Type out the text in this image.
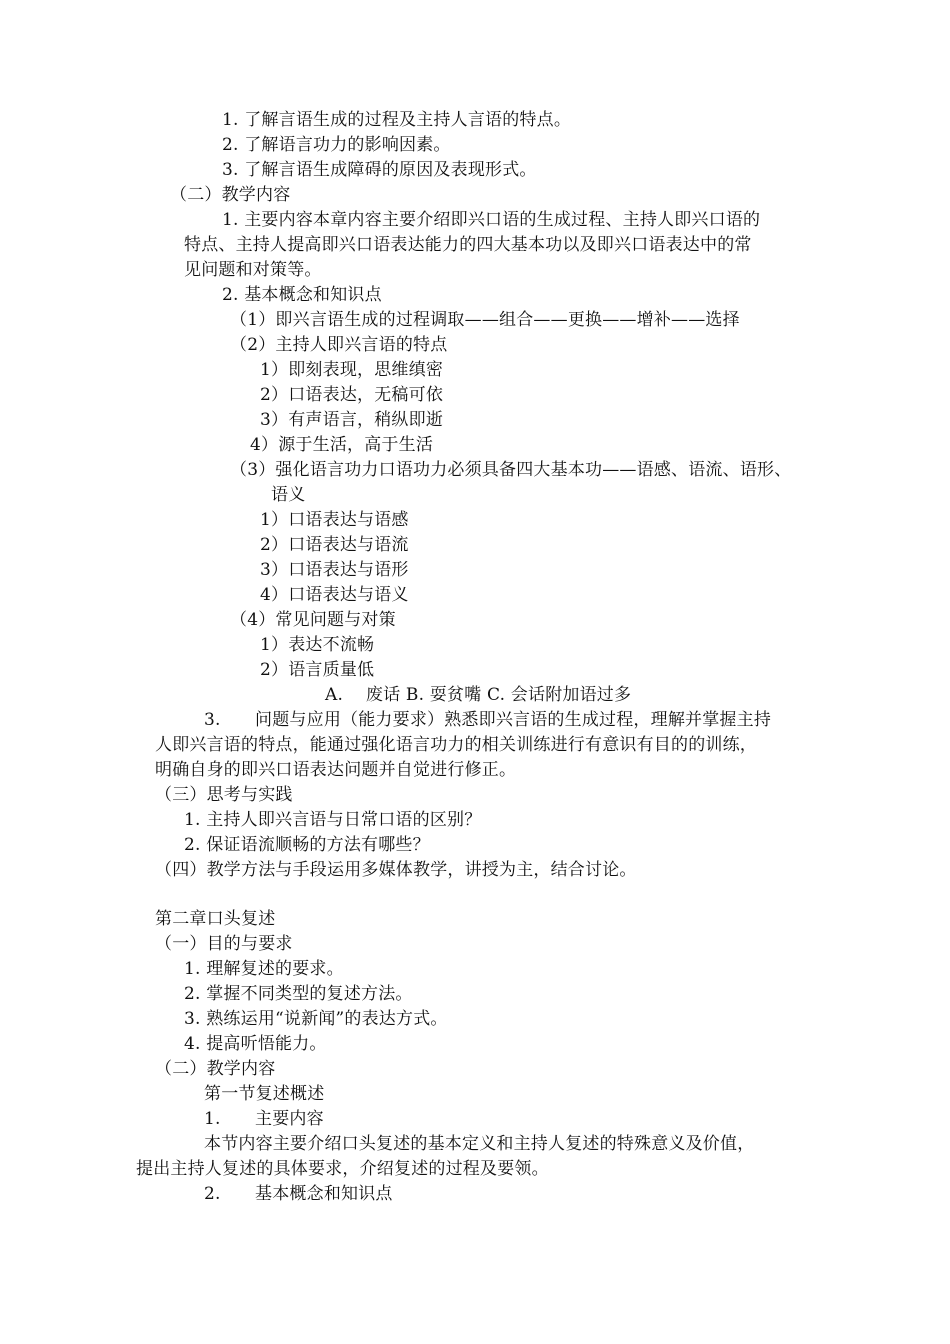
1. 了解言语生成的过程及主持人言语的特点。
2. 了解语言功力的影响因素。
3. 了解言语生成障碍的原因及表现形式。
（二）教学内容
1. 主要内容本章内容主要介绍即兴口语的生成过程、主持人即兴口语的
特点、主持人提高即兴口语表达能力的四大基本功以及即兴口语表达中的常
见问题和对策等。
2. 基本概念和知识点
（1）即兴言语生成的过程调取——组合——更换——增补——选择
（2）主持人即兴言语的特点
1）即刻表现，思维缜密
2）口语表达，无稿可依
3）有声语言，稍纵即逝
4）源于生活，高于生活
（3）强化语言功力口语功力必须具备四大基本功——语感、语流、语形、
语义
1）口语表达与语感
2）口语表达与语流
3）口语表达与语形
4）口语表达与语义
（4）常见问题与对策
1）表达不流畅
2）语言质量低
A.　 废话 B. 耍贫嘴 C. 会话附加语过多
3.　　问题与应用（能力要求）熟悉即兴言语的生成过程，理解并掌握主持
人即兴言语的特点，能通过强化语言功力的相关训练进行有意识有目的的训练，
明确自身的即兴口语表达问题并自觉进行修正。
（三）思考与实践
1. 主持人即兴言语与日常口语的区别？
2. 保证语流顺畅的方法有哪些？
（四）教学方法与手段运用多媒体教学，讲授为主，结合讨论。
第二章口头复述
（一）目的与要求
1. 理解复述的要求。
2. 掌握不同类型的复述方法。
3. 熟练运用“说新闻”的表达方式。
4. 提高听悟能力。
（二）教学内容
第一节复述概述
1.　　主要内容
本节内容主要介绍口头复述的基本定义和主持人复述的特殊意义及价值，
提出主持人复述的具体要求，介绍复述的过程及要领。
2.　　基本概念和知识点
